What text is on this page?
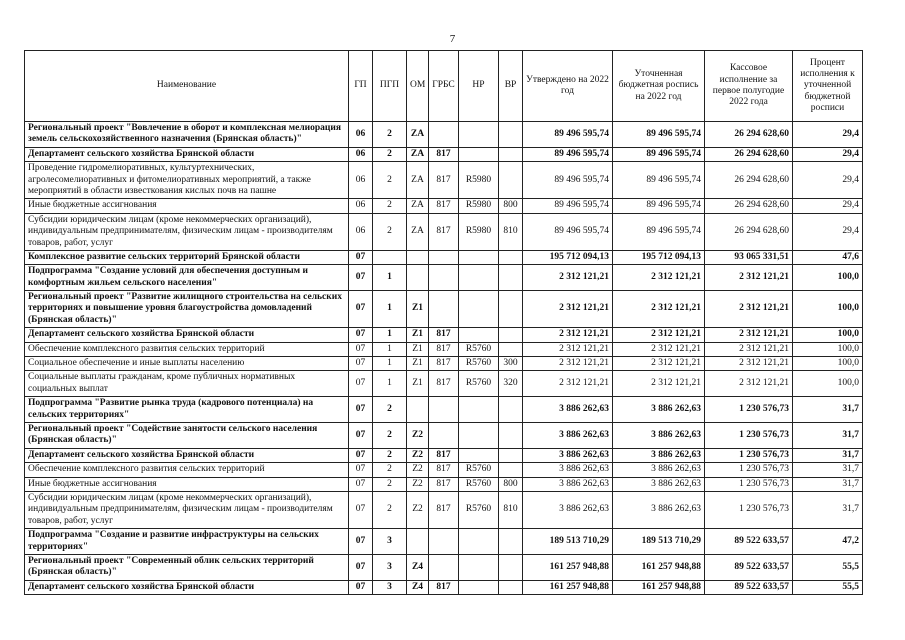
7
Наименование	ГП	ПГП	ОМ	ГРБС	НР	ВР	Утверждено на 2022 год	Уточненная бюджетная роспись на 2022 год	Кассовое исполнение за первое полугодие 2022 года	Процент исполнения к уточненной бюджетной росписи
Региональный проект "Вовлечение в оборот и комплексная мелиорация земель сельскохозяйственного назначения (Брянская область)"	06	2	ZA				89 496 595,74	89 496 595,74	26 294 628,60	29,4
Департамент сельского хозяйства Брянской области	06	2	ZA	817			89 496 595,74	89 496 595,74	26 294 628,60	29,4
Проведение гидромелиоративных, культуртехнических, агролесомелиоративных и фитомелиоративных мероприятий, а также мероприятий в области известкования кислых почв на пашне	06	2	ZA	817	R5980		89 496 595,74	89 496 595,74	26 294 628,60	29,4
Иные бюджетные ассигнования	06	2	ZA	817	R5980	800	89 496 595,74	89 496 595,74	26 294 628,60	29,4
Субсидии юридическим лицам (кроме некоммерческих организаций), индивидуальным предпринимателям, физическим лицам - производителям товаров, работ, услуг	06	2	ZA	817	R5980	810	89 496 595,74	89 496 595,74	26 294 628,60	29,4
Комплексное развитие сельских территорий Брянской области	07						195 712 094,13	195 712 094,13	93 065 331,51	47,6
Подпрограмма "Создание условий для обеспечения доступным и комфортным жильем сельского населения"	07	1					2 312 121,21	2 312 121,21	2 312 121,21	100,0
Региональный проект "Развитие жилищного строительства на сельских территориях и повышение уровня благоустройства домовладений (Брянская область)"	07	1	Z1				2 312 121,21	2 312 121,21	2 312 121,21	100,0
Департамент сельского хозяйства Брянской области	07	1	Z1	817			2 312 121,21	2 312 121,21	2 312 121,21	100,0
Обеспечение комплексного развития сельских территорий	07	1	Z1	817	R5760		2 312 121,21	2 312 121,21	2 312 121,21	100,0
Социальное обеспечение и иные выплаты населению	07	1	Z1	817	R5760	300	2 312 121,21	2 312 121,21	2 312 121,21	100,0
Социальные выплаты гражданам, кроме публичных нормативных социальных выплат	07	1	Z1	817	R5760	320	2 312 121,21	2 312 121,21	2 312 121,21	100,0
Подпрограмма "Развитие рынка труда (кадрового потенциала) на сельских территориях"	07	2					3 886 262,63	3 886 262,63	1 230 576,73	31,7
Региональный проект "Содействие занятости сельского населения (Брянская область)"	07	2	Z2				3 886 262,63	3 886 262,63	1 230 576,73	31,7
Департамент сельского хозяйства Брянской области	07	2	Z2	817			3 886 262,63	3 886 262,63	1 230 576,73	31,7
Обеспечение комплексного развития сельских территорий	07	2	Z2	817	R5760		3 886 262,63	3 886 262,63	1 230 576,73	31,7
Иные бюджетные ассигнования	07	2	Z2	817	R5760	800	3 886 262,63	3 886 262,63	1 230 576,73	31,7
Субсидии юридическим лицам (кроме некоммерческих организаций), индивидуальным предпринимателям, физическим лицам - производителям товаров, работ, услуг	07	2	Z2	817	R5760	810	3 886 262,63	3 886 262,63	1 230 576,73	31,7
Подпрограмма "Создание и развитие инфраструктуры на сельских территориях"	07	3					189 513 710,29	189 513 710,29	89 522 633,57	47,2
Региональный проект "Современный облик сельских территорий (Брянская область)"	07	3	Z4				161 257 948,88	161 257 948,88	89 522 633,57	55,5
Департамент сельского хозяйства Брянской области	07	3	Z4	817			161 257 948,88	161 257 948,88	89 522 633,57	55,5
